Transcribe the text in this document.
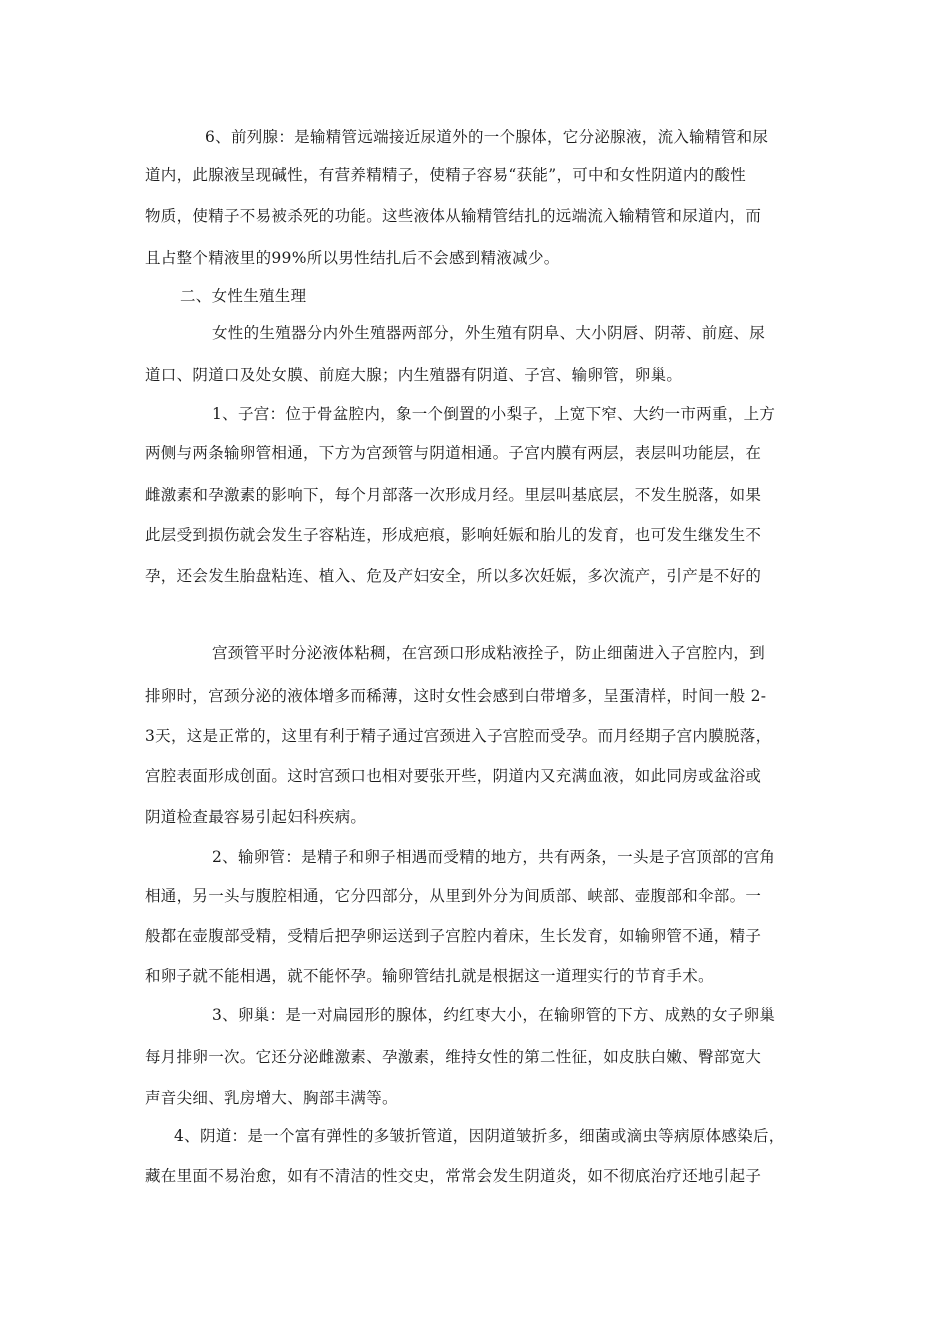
6、前列腺：是输精管远端接近尿道外的一个腺体，它分泌腺液，流入输精管和尿
道内，此腺液呈现碱性，有营养精精子，使精子容易“获能”，可中和女性阴道内的酸性
物质，使精子不易被杀死的功能。这些液体从输精管结扎的远端流入输精管和尿道内，而
且占整个精液里的99%所以男性结扎后不会感到精液减少。
二、女性生殖生理
女性的生殖器分内外生殖器两部分，外生殖有阴阜、大小阴唇、阴蒂、前庭、尿
道口、阴道口及处女膜、前庭大腺；内生殖器有阴道、子宫、输卵管，卵巢。
1、子宫：位于骨盆腔内，象一个倒置的小梨子，上宽下窄、大约一市两重，上方
两侧与两条输卵管相通，下方为宫颈管与阴道相通。子宫内膜有两层，表层叫功能层，在
雌激素和孕激素的影响下，每个月部落一次形成月经。里层叫基底层，不发生脱落，如果
此层受到损伤就会发生子容粘连，形成疤痕，影响妊娠和胎儿的发育，也可发生继发生不
孕，还会发生胎盘粘连、植入、危及产妇安全，所以多次妊娠，多次流产，引产是不好的
宫颈管平时分泌液体粘稠，在宫颈口形成粘液拴子，防止细菌进入子宫腔内，到
排卵时，宫颈分泌的液体增多而稀薄，这时女性会感到白带增多，呈蛋清样，时间一般 2-
3天，这是正常的，这里有利于精子通过宫颈进入子宫腔而受孕。而月经期子宫内膜脱落，
宫腔表面形成创面。这时宫颈口也相对要张开些，阴道内又充满血液，如此同房或盆浴或
阴道检查最容易引起妇科疾病。
2、输卵管：是精子和卵子相遇而受精的地方，共有两条，一头是子宫顶部的宫角
相通，另一头与腹腔相通，它分四部分，从里到外分为间质部、峡部、壶腹部和伞部。一
般都在壶腹部受精，受精后把孕卵运送到子宫腔内着床，生长发育，如输卵管不通，精子
和卵子就不能相遇，就不能怀孕。输卵管结扎就是根据这一道理实行的节育手术。
3、卵巢：是一对扁园形的腺体，约红枣大小，在输卵管的下方、成熟的女子卵巢
每月排卵一次。它还分泌雌激素、孕激素，维持女性的第二性征，如皮肤白嫩、臀部宽大
声音尖细、乳房增大、胸部丰满等。
4、阴道：是一个富有弹性的多皱折管道，因阴道皱折多，细菌或滴虫等病原体感染后，
藏在里面不易治愈，如有不清洁的性交史，常常会发生阴道炎，如不彻底治疗还地引起子
